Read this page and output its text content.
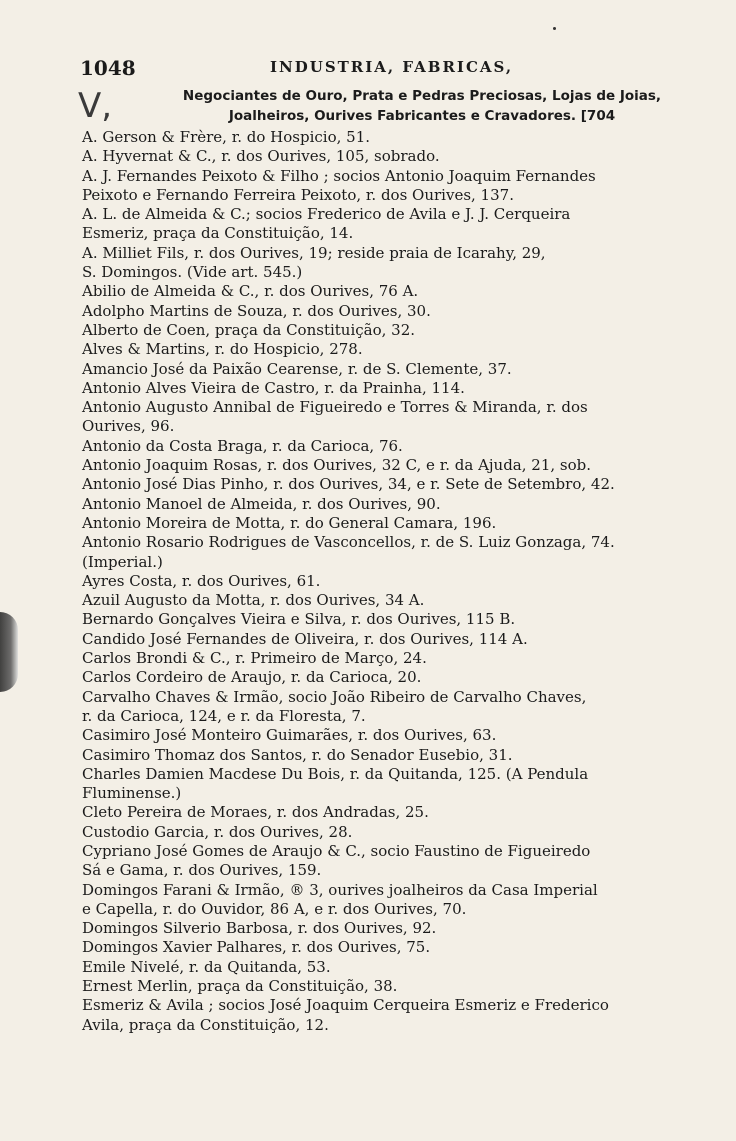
1048	INDUSTRIA, FABRICAS,
V,	Negociantes de Ouro, Prata e Pedras Preciosas, Lojas de Joias,
Joalheiros, Ourives Fabricantes e Cravadores. [704
A. Gerson & Frère, r. do Hospicio, 51.
A. Hyvernat & C., r. dos Ourives, 105, sobrado.
A. J. Fernandes Peixoto & Filho ; socios Antonio Joaquim Fernandes
Peixoto e Fernando Ferreira Peixoto, r. dos Ourives, 137.
A. L. de Almeida & C.; socios Frederico de Avila e J. J. Cerqueira
Esmeriz, praça da Constituição, 14.
A. Milliet Fils, r. dos Ourives, 19; reside praia de Icarahy, 29,
S. Domingos. (Vide art. 545.)
Abilio de Almeida & C., r. dos Ourives, 76 A.
Adolpho Martins de Souza, r. dos Ourives, 30.
Alberto de Coen, praça da Constituição, 32.
Alves & Martins, r. do Hospicio, 278.
Amancio José da Paixão Cearense, r. de S. Clemente, 37.
Antonio Alves Vieira de Castro, r. da Prainha, 114.
Antonio Augusto Annibal de Figueiredo e Torres & Miranda, r. dos
Ourives, 96.
Antonio da Costa Braga, r. da Carioca, 76.
Antonio Joaquim Rosas, r. dos Ourives, 32 C, e r. da Ajuda, 21, sob.
Antonio José Dias Pinho, r. dos Ourives, 34, e r. Sete de Setembro, 42.
Antonio Manoel de Almeida, r. dos Ourives, 90.
Antonio Moreira de Motta, r. do General Camara, 196.
Antonio Rosario Rodrigues de Vasconcellos, r. de S. Luiz Gonzaga, 74.
(Imperial.)
Ayres Costa, r. dos Ourives, 61.
Azuil Augusto da Motta, r. dos Ourives, 34 A.
Bernardo Gonçalves Vieira e Silva, r. dos Ourives, 115 B.
Candido José Fernandes de Oliveira, r. dos Ourives, 114 A.
Carlos Brondi & C., r. Primeiro de Março, 24.
Carlos Cordeiro de Araujo, r. da Carioca, 20.
Carvalho Chaves & Irmão, socio João Ribeiro de Carvalho Chaves,
r. da Carioca, 124, e r. da Floresta, 7.
Casimiro José Monteiro Guimarães, r. dos Ourives, 63.
Casimiro Thomaz dos Santos, r. do Senador Eusebio, 31.
Charles Damien Macdese Du Bois, r. da Quitanda, 125. (A Pendula
Fluminense.)
Cleto Pereira de Moraes, r. dos Andradas, 25.
Custodio Garcia, r. dos Ourives, 28.
Cypriano José Gomes de Araujo & C., socio Faustino de Figueiredo
Sá e Gama, r. dos Ourives, 159.
Domingos Farani & Irmão, ® 3, ourives joalheiros da Casa Imperial
e Capella, r. do Ouvidor, 86 A, e r. dos Ourives, 70.
Domingos Silverio Barbosa, r. dos Ourives, 92.
Domingos Xavier Palhares, r. dos Ourives, 75.
Emile Nivelé, r. da Quitanda, 53.
Ernest Merlin, praça da Constituição, 38.
Esmeriz & Avila ; socios José Joaquim Cerqueira Esmeriz e Frederico
Avila, praça da Constituição, 12.
